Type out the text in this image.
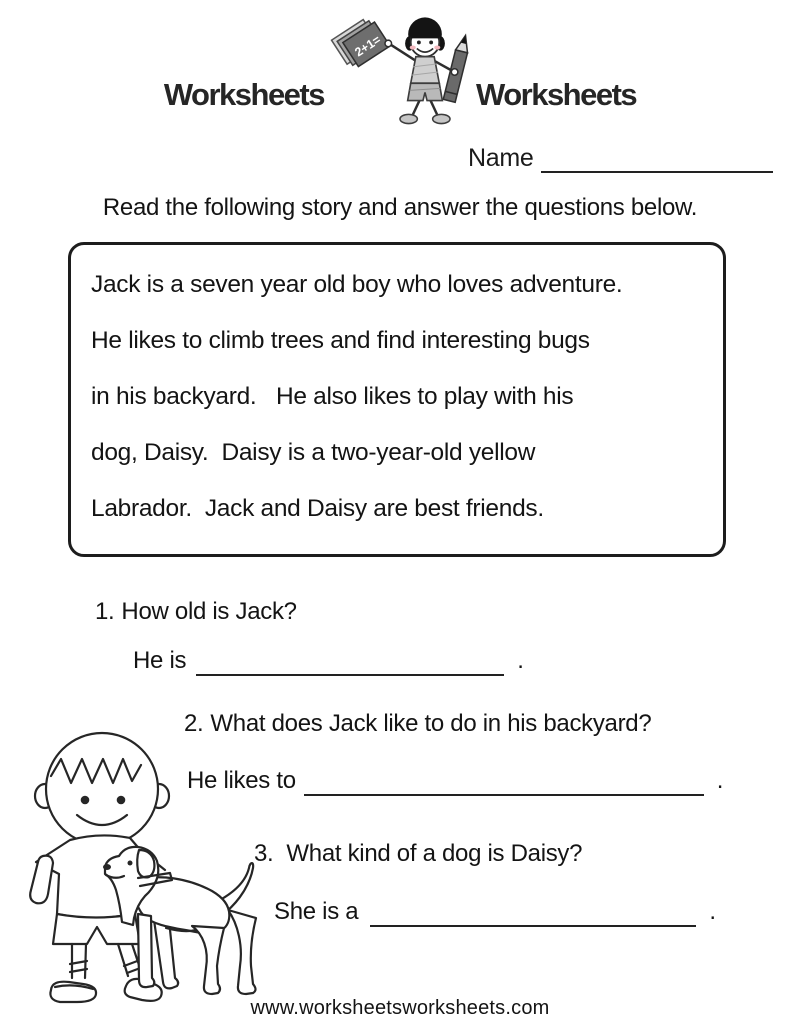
Worksheets
2+1=
Worksheets
Name
Read the following story and answer the questions below.
Jack is a seven year old boy who loves adventure.
He likes to climb trees and find interesting bugs
in his backyard.   He also likes to play with his
dog, Daisy.  Daisy is a two-year-old yellow
Labrador.  Jack and Daisy are best friends.
1. How old is Jack?
He is	.
2. What does Jack like to do in his backyard?
He likes to	.
3. What kind of a dog is Daisy?
She is a	.
www.worksheetsworksheets.com
